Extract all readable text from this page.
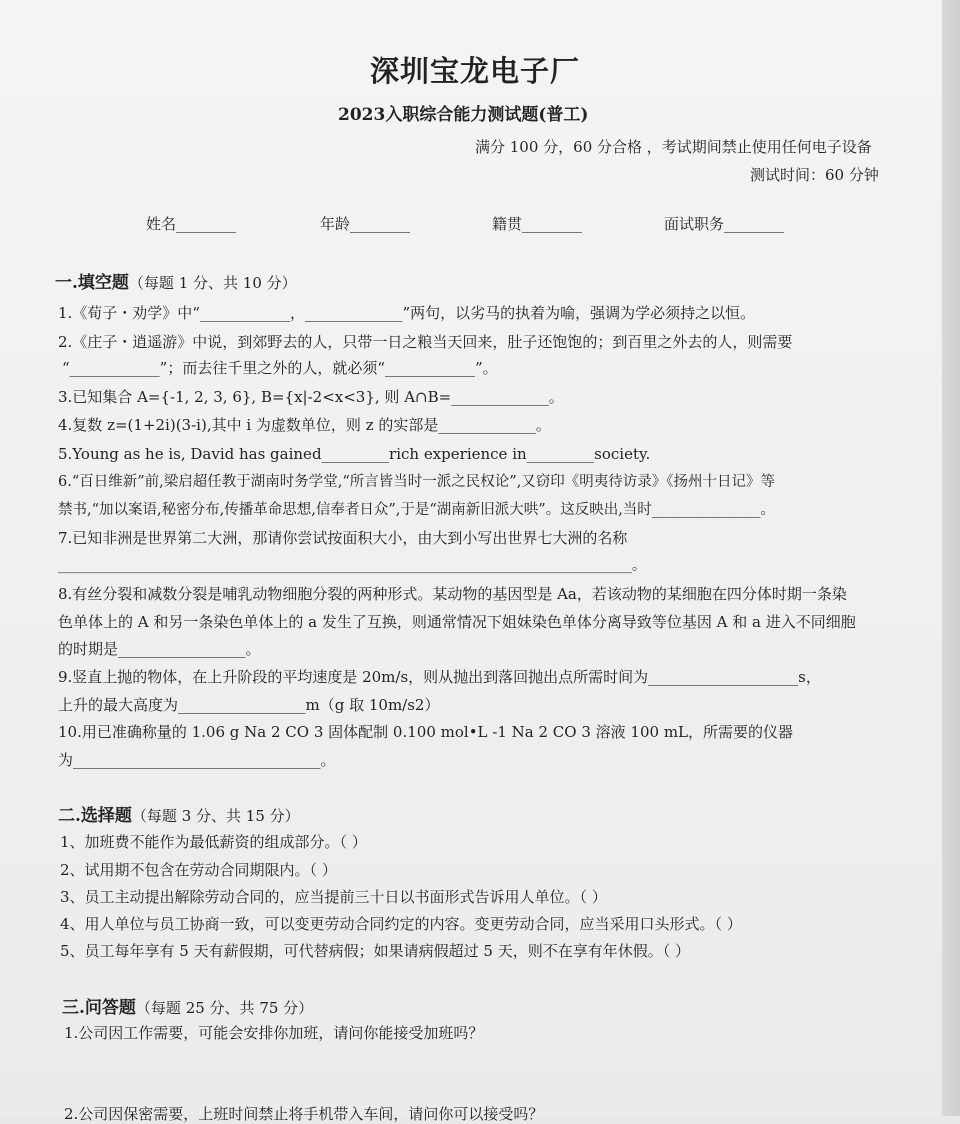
深圳宝龙电子厂
2023入职综合能力测试题(普工)
满分 100 分，60 分合格 ，考试期间禁止使用任何电子设备
测试时间：60 分钟
姓名________	年龄________	籍贯________	面试职务________
一.填空题（每题 1 分、共 10 分）
1.《荀子・劝学》中“____________，_____________”两句，以劣马的执着为喻，强调为学必须持之以恒。
2.《庄子・逍遥游》中说，到郊野去的人，只带一日之粮当天回来，肚子还饱饱的；到百里之外去的人，则需要
“____________”；而去往千里之外的人，就必须“____________”。
3.已知集合 A={-1, 2, 3, 6}, B={x|-2<x<3}, 则 A∩B=_____________。
4.复数 z=(1+2i)(3-i),其中 i 为虚数单位，则 z 的实部是_____________。
5.Young as he is, David has gained_________rich experience in_________society.
6.“百日维新”前,梁启超任教于湖南时务学堂,“所言皆当时一派之民权论”,又窃印《明夷待访录》《扬州十日记》等
禁书,“加以案语,秘密分布,传播革命思想,信奉者日众”,于是“湖南新旧派大哄”。这反映出,当时_______________。
7.已知非洲是世界第二大洲，那请你尝试按面积大小，由大到小写出世界七大洲的名称
__________________________________________________________________________________。
8.有丝分裂和减数分裂是哺乳动物细胞分裂的两种形式。某动物的基因型是 Aa，若该动物的某细胞在四分体时期一条染
色单体上的 A 和另一条染色单体上的 a 发生了互换，则通常情况下姐妹染色单体分离导致等位基因 A 和 a 进入不同细胞
的时期是_________________。
9.竖直上抛的物体，在上升阶段的平均速度是 20m/s，则从抛出到落回抛出点所需时间为____________________s，
上升的最大高度为_________________m（g 取 10m/s2）
10.用已准确称量的 1.06 g Na 2 CO 3 固体配制 0.100 mol•L -1 Na 2 CO 3 溶液 100 mL，所需要的仪器
为_________________________________。
二.选择题（每题 3 分、共 15 分）
1、加班费不能作为最低薪资的组成部分。（ ）
2、试用期不包含在劳动合同期限内。（ ）
3、员工主动提出解除劳动合同的，应当提前三十日以书面形式告诉用人单位。（ ）
4、用人单位与员工协商一致，可以变更劳动合同约定的内容。变更劳动合同，应当采用口头形式。（ ）
5、员工每年享有 5 天有薪假期，可代替病假；如果请病假超过 5 天，则不在享有年休假。（ ）
三.问答题（每题 25 分、共 75 分）
1.公司因工作需要，可能会安排你加班，请问你能接受加班吗？
2.公司因保密需要，上班时间禁止将手机带入车间，请问你可以接受吗？
